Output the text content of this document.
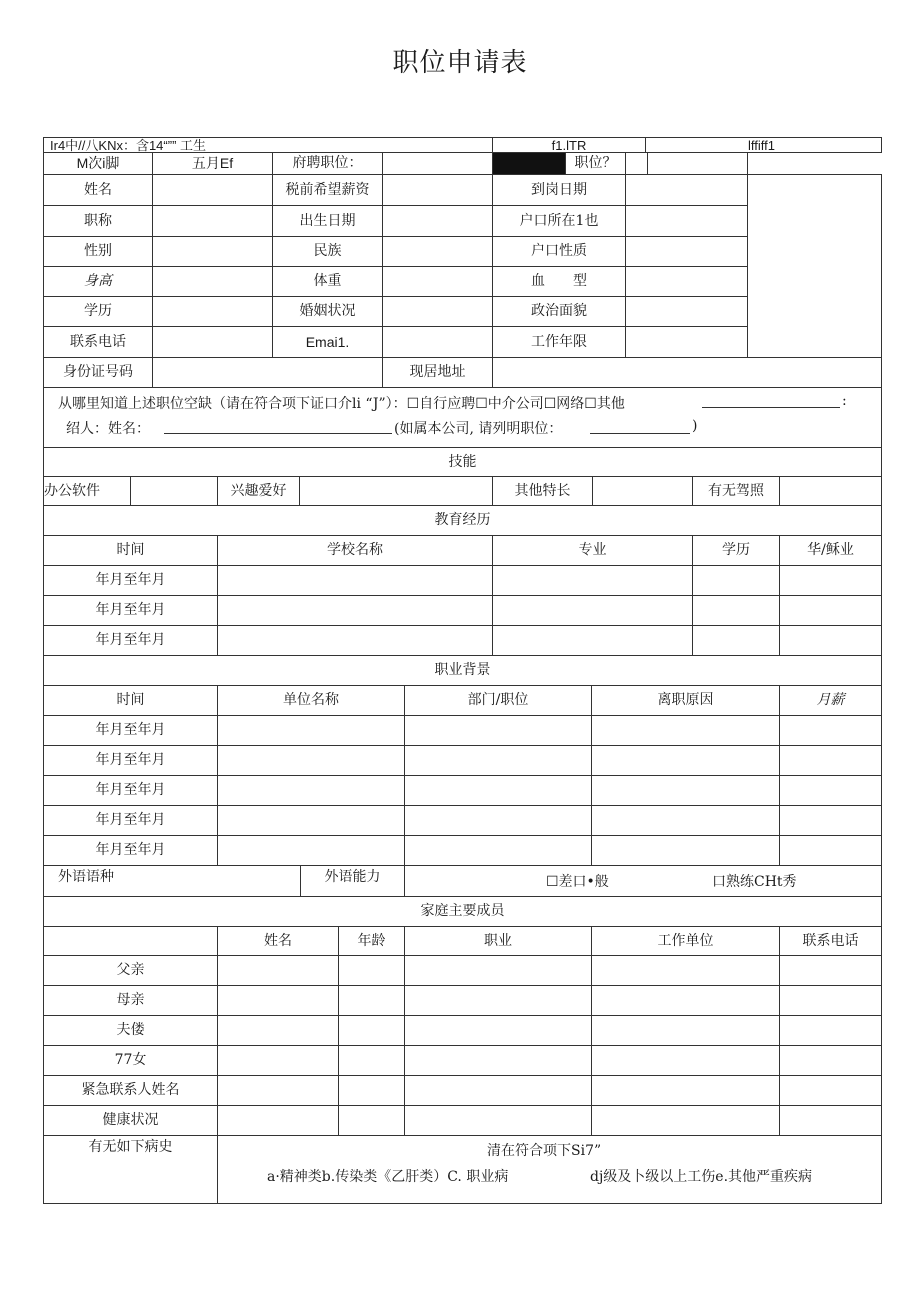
职位申请表
Ir4中//八KNx：含14“”” 工生	f1.lTR	lffiff1
M次i脚	五月Ef	府聘职位：	职位？
姓名	税前希望薪资	到岗日期
职称	出生日期	户口所在1也
性别	民族	户口性质
身高	体重	血 型
学历	婚姻状况	政治面貌
联系电话	Emai1.	工作年限
身份证号码	现居地址
从哪里知道上述职位空缺（请在符合项下证口介li “J”）：☐自行应聘☐中介公司☐网络☐其他	:
绍人：姓名：	(如属本公司, 请列明职位：	)
技能
办公软件	兴趣爱好	其他特长	有无驾照
教育经历
时间	学校名称	专业	学历	华/稣业
年月至年月
年月至年月
年月至年月
职业背景
时间	单位名称	部门/职位	离职原因	月薪
年月至年月
年月至年月
年月至年月
年月至年月
年月至年月
外语语种	外语能力	☐差口•般	口熟练CHt秀
家庭主要成员
姓名	年龄	职业	工作单位	联系电话
父亲
母亲
夫偻
77女
紧急联系人姓名
健康状况
有无如下病史	清在符合项下Si7”
a·精神类b.传染类《乙肝类）C. 职业病	dj级及卜级以上工伤e.其他严重疾病
